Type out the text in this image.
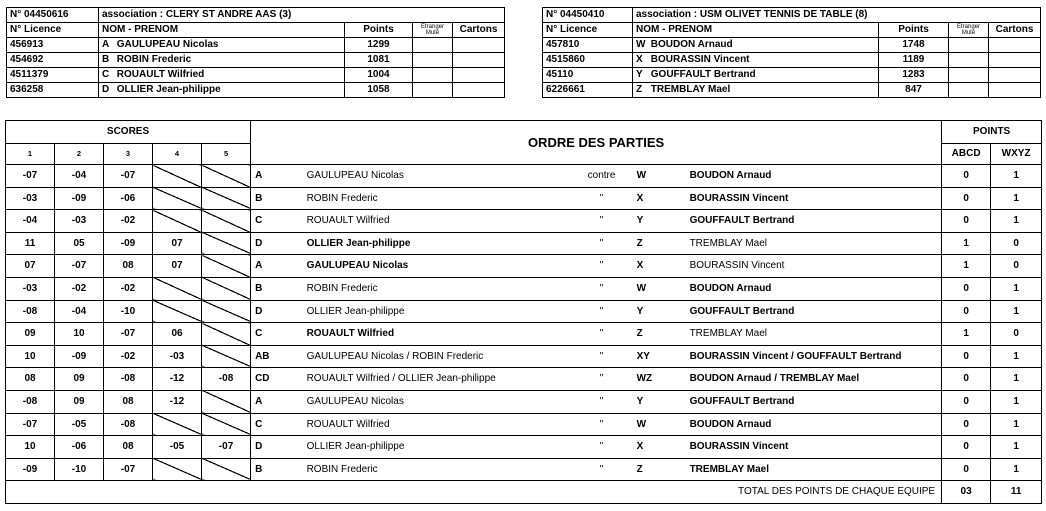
N° 04450616	association : CLERY ST ANDRE AAS (3)			
N° Licence	NOM - PRENOM	Points	Etranger
Muté	Cartons
456913	A GAULUPEAU Nicolas	1299		
454692	B ROBIN Frederic	1081		
4511379	C ROUAULT Wilfried	1004		
636258	D OLLIER Jean-philippe	1058		
N° 04450410	association : USM OLIVET TENNIS DE TABLE (8)			
N° Licence	NOM - PRENOM	Points	Etranger
Muté	Cartons
457810	W BOUDON Arnaud	1748		
4515860	X BOURASSIN Vincent	1189		
45110	Y GOUFFAULT Bertrand	1283		
6226661	Z TREMBLAY Mael	847		
SCORES					ORDRE DES PARTIES					POINTS	
1	2	3	4	5						ABCD	WXYZ
-07	-04	-07			A	GAULUPEAU Nicolas	contre	W	BOUDON Arnaud	0	1
-03	-09	-06			B	ROBIN Frederic	"	X	BOURASSIN Vincent	0	1
-04	-03	-02			C	ROUAULT Wilfried	"	Y	GOUFFAULT Bertrand	0	1
11	05	-09	07		D	OLLIER Jean-philippe	"	Z	TREMBLAY Mael	1	0
07	-07	08	07		A	GAULUPEAU Nicolas	"	X	BOURASSIN Vincent	1	0
-03	-02	-02			B	ROBIN Frederic	"	W	BOUDON Arnaud	0	1
-08	-04	-10			D	OLLIER Jean-philippe	"	Y	GOUFFAULT Bertrand	0	1
09	10	-07	06		C	ROUAULT Wilfried	"	Z	TREMBLAY Mael	1	0
10	-09	-02	-03		AB	GAULUPEAU Nicolas / ROBIN Frederic	"	XY	BOURASSIN Vincent / GOUFFAULT Bertrand	0	1
08	09	-08	-12	-08	CD	ROUAULT Wilfried / OLLIER Jean-philippe	"	WZ	BOUDON Arnaud / TREMBLAY Mael	0	1
-08	09	08	-12		A	GAULUPEAU Nicolas	"	Y	GOUFFAULT Bertrand	0	1
-07	-05	-08			C	ROUAULT Wilfried	"	W	BOUDON Arnaud	0	1
10	-06	08	-05	-07	D	OLLIER Jean-philippe	"	X	BOURASSIN Vincent	0	1
-09	-10	-07			B	ROBIN Frederic	"	Z	TREMBLAY Mael	0	1
TOTAL DES POINTS DE CHAQUE EQUIPE										03	11
